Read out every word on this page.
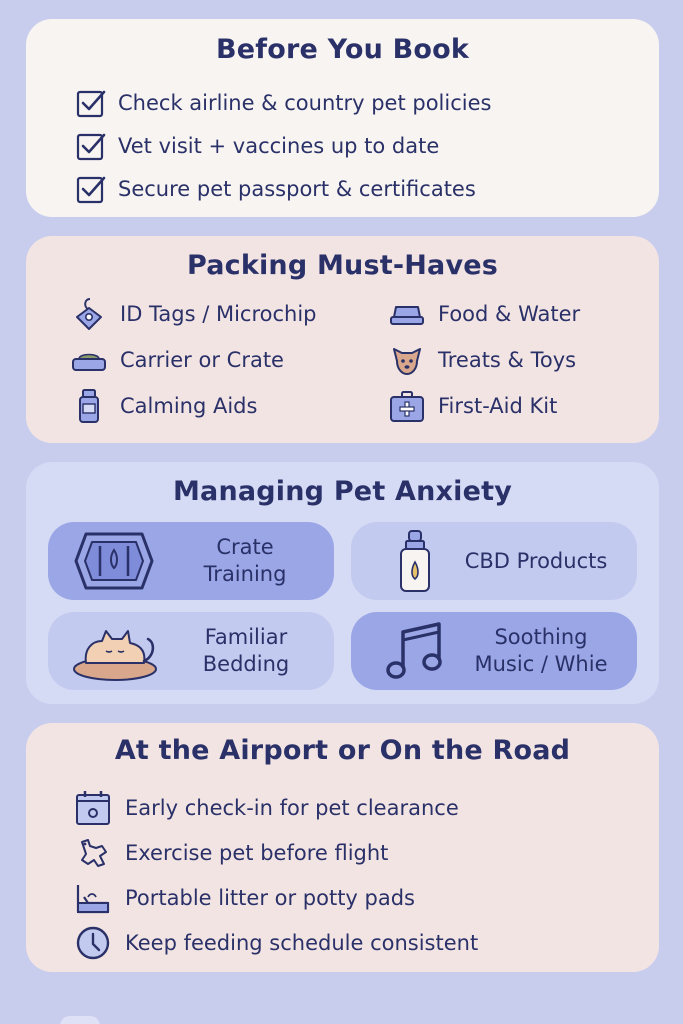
Before You Book
Check airline & country pet policies
Vet visit + vaccines up to date
Secure pet passport & certificates
Packing Must-Haves
ID Tags / Microchip	Food & Water
Carrier or Crate	Treats & Toys
Calming Aids	First-Aid Kit
Managing Pet Anxiety
Crate
Training
CBD Products
Familiar
Bedding
Soothing
Music / Whie
At the Airport or On the Road
Early check-in for pet clearance
Exercise pet before flight
Portable litter or potty pads
Keep feeding schedule consistent
